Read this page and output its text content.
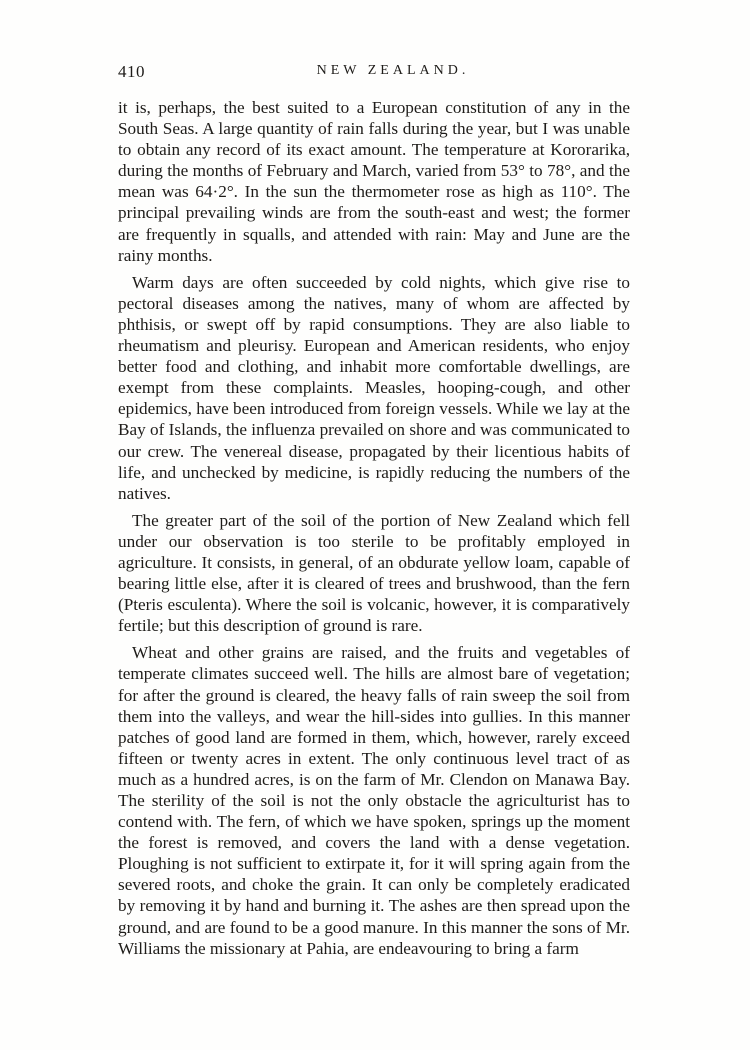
410	NEW ZEALAND.

it is, perhaps, the best suited to a European constitution of any in the South Seas. A large quantity of rain falls during the year, but I was unable to obtain any record of its exact amount. The temperature at Kororarika, during the months of February and March, varied from 53° to 78°, and the mean was 64·2°. In the sun the thermometer rose as high as 110°. The principal prevailing winds are from the south-east and west; the former are frequently in squalls, and attended with rain: May and June are the rainy months.

Warm days are often succeeded by cold nights, which give rise to pectoral diseases among the natives, many of whom are affected by phthisis, or swept off by rapid consumptions. They are also liable to rheumatism and pleurisy. European and American residents, who enjoy better food and clothing, and inhabit more comfortable dwellings, are exempt from these complaints. Measles, hooping-cough, and other epidemics, have been introduced from foreign vessels. While we lay at the Bay of Islands, the influenza prevailed on shore and was communicated to our crew. The venereal disease, propagated by their licentious habits of life, and unchecked by medicine, is rapidly reducing the numbers of the natives.

The greater part of the soil of the portion of New Zealand which fell under our observation is too sterile to be profitably employed in agriculture. It consists, in general, of an obdurate yellow loam, capable of bearing little else, after it is cleared of trees and brushwood, than the fern (Pteris esculenta). Where the soil is volcanic, however, it is comparatively fertile; but this description of ground is rare.

Wheat and other grains are raised, and the fruits and vegetables of temperate climates succeed well. The hills are almost bare of vegetation; for after the ground is cleared, the heavy falls of rain sweep the soil from them into the valleys, and wear the hill-sides into gullies. In this manner patches of good land are formed in them, which, however, rarely exceed fifteen or twenty acres in extent. The only continuous level tract of as much as a hundred acres, is on the farm of Mr. Clendon on Manawa Bay. The sterility of the soil is not the only obstacle the agriculturist has to contend with. The fern, of which we have spoken, springs up the moment the forest is removed, and covers the land with a dense vegetation. Ploughing is not sufficient to extirpate it, for it will spring again from the severed roots, and choke the grain. It can only be completely eradicated by removing it by hand and burning it. The ashes are then spread upon the ground, and are found to be a good manure. In this manner the sons of Mr. Williams the missionary at Pahia, are endeavouring to bring a farm
